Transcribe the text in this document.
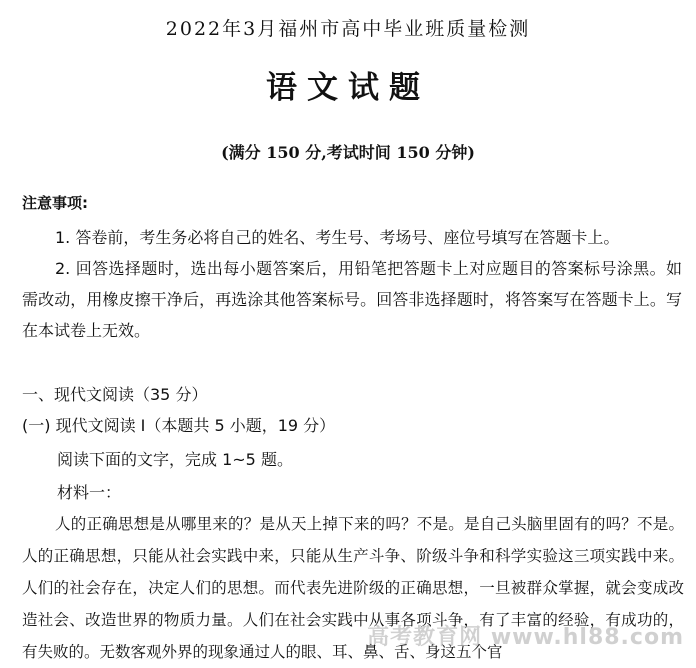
2022年3月福州市高中毕业班质量检测
语文试题
(满分 150 分,考试时间 150 分钟)
注意事项:
1. 答卷前，考生务必将自己的姓名、考生号、考场号、座位号填写在答题卡上。
2. 回答选择题时，选出每小题答案后，用铅笔把答题卡上对应题目的答案标号涂黑。如需改动，用橡皮擦干净后，再选涂其他答案标号。回答非选择题时，将答案写在答题卡上。写在本试卷上无效。
一、现代文阅读（35 分）
(一) 现代文阅读 I（本题共 5 小题，19 分）
阅读下面的文字，完成 1~5 题。
材料一：
人的正确思想是从哪里来的？是从天上掉下来的吗？不是。是自己头脑里固有的吗？不是。人的正确思想，只能从社会实践中来，只能从生产斗争、阶级斗争和科学实验这三项实践中来。人们的社会存在，决定人们的思想。而代表先进阶级的正确思想，一旦被群众掌握，就会变成改造社会、改造世界的物质力量。人们在社会实践中从事各项斗争，有了丰富的经验，有成功的，有失败的。无数客观外界的现象通过人的眼、耳、鼻、舌、身这五个官
高考教育网 www.hl88.com
